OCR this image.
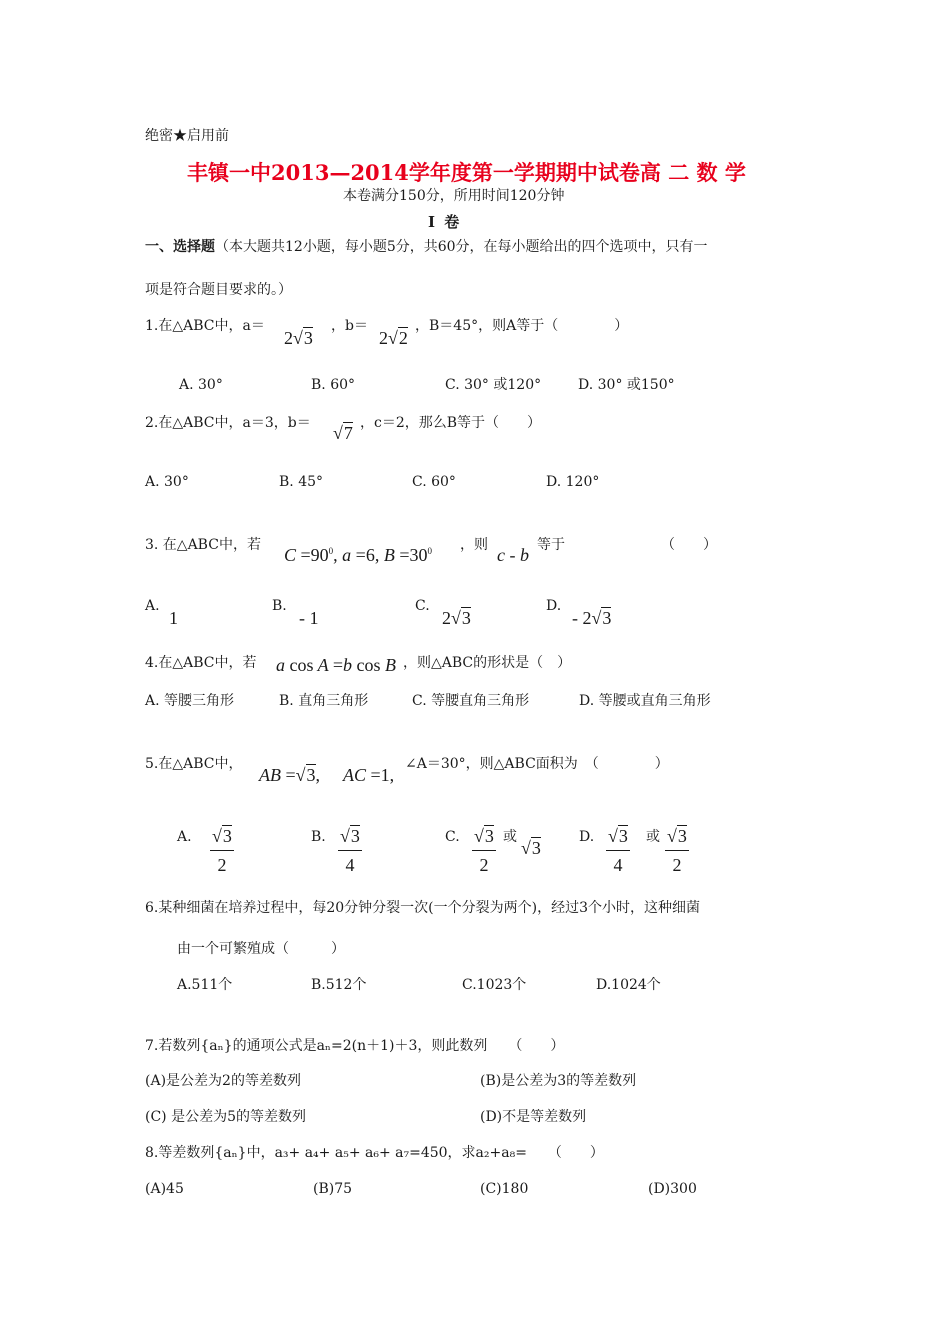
绝密★启用前
丰镇一中2013—2014学年度第一学期期中试卷高 二 数 学
本卷满分150分，所用时间120分钟
I 卷
一、选择题（本大题共12小题，每小题5分，共60分，在每小题给出的四个选项中，只有一
项是符合题目要求的。）
1.在△ABC中，a＝
2√3
，b＝
2√2
，B＝45°，则A等于（　　　　）
A. 30°	B. 60°	C. 30° 或120°	D. 30° 或150°
2.在△ABC中，a＝3，b＝ √7 ，c＝2，那么B等于（　　）
A. 30°	B. 45°	C. 60°	D. 120°
3. 在△ABC中，若 $C =90^0$, a =6, $B =30^0$ ，则 c - b 等于	（　　）
A.
1
B.
- 1
C.
2√3
D.
- 2√3
4.在△ABC中，若 a cos A =b cos B ，则△ABC的形状是（　）
A. 等腰三角形	B. 直角三角形	C. 等腰直角三角形	D. 等腰或直角三角形
5.在△ABC中，
AB =√3, AC =1,
∠A＝30°，则△ABC面积为　（　　　　）
A. $\frac{√3}{2}$	B. $\frac{√3}{4}$	C. $\frac{√3}{2}$ 或
√3
D. $\frac{√3}{4}$ 或 $\frac{√3}{2}$
6.某种细菌在培养过程中，每20分钟分裂一次(一个分裂为两个)，经过3个小时，这种细菌
由一个可繁殖成（　　　）
A.511个	B.512个	C.1023个	D.1024个
7.若数列{aₙ}的通项公式是aₙ=2(n＋1)＋3，则此数列　　（　　）
(A)是公差为2的等差数列	(B)是公差为3的等差数列
(C) 是公差为5的等差数列	(D)不是等差数列
8.等差数列{aₙ}中，a₃+ a₄+ a₅+ a₆+ a₇=450，求a₂+a₈=　　（　　）
(A)45	(B)75	(C)180	(D)300
